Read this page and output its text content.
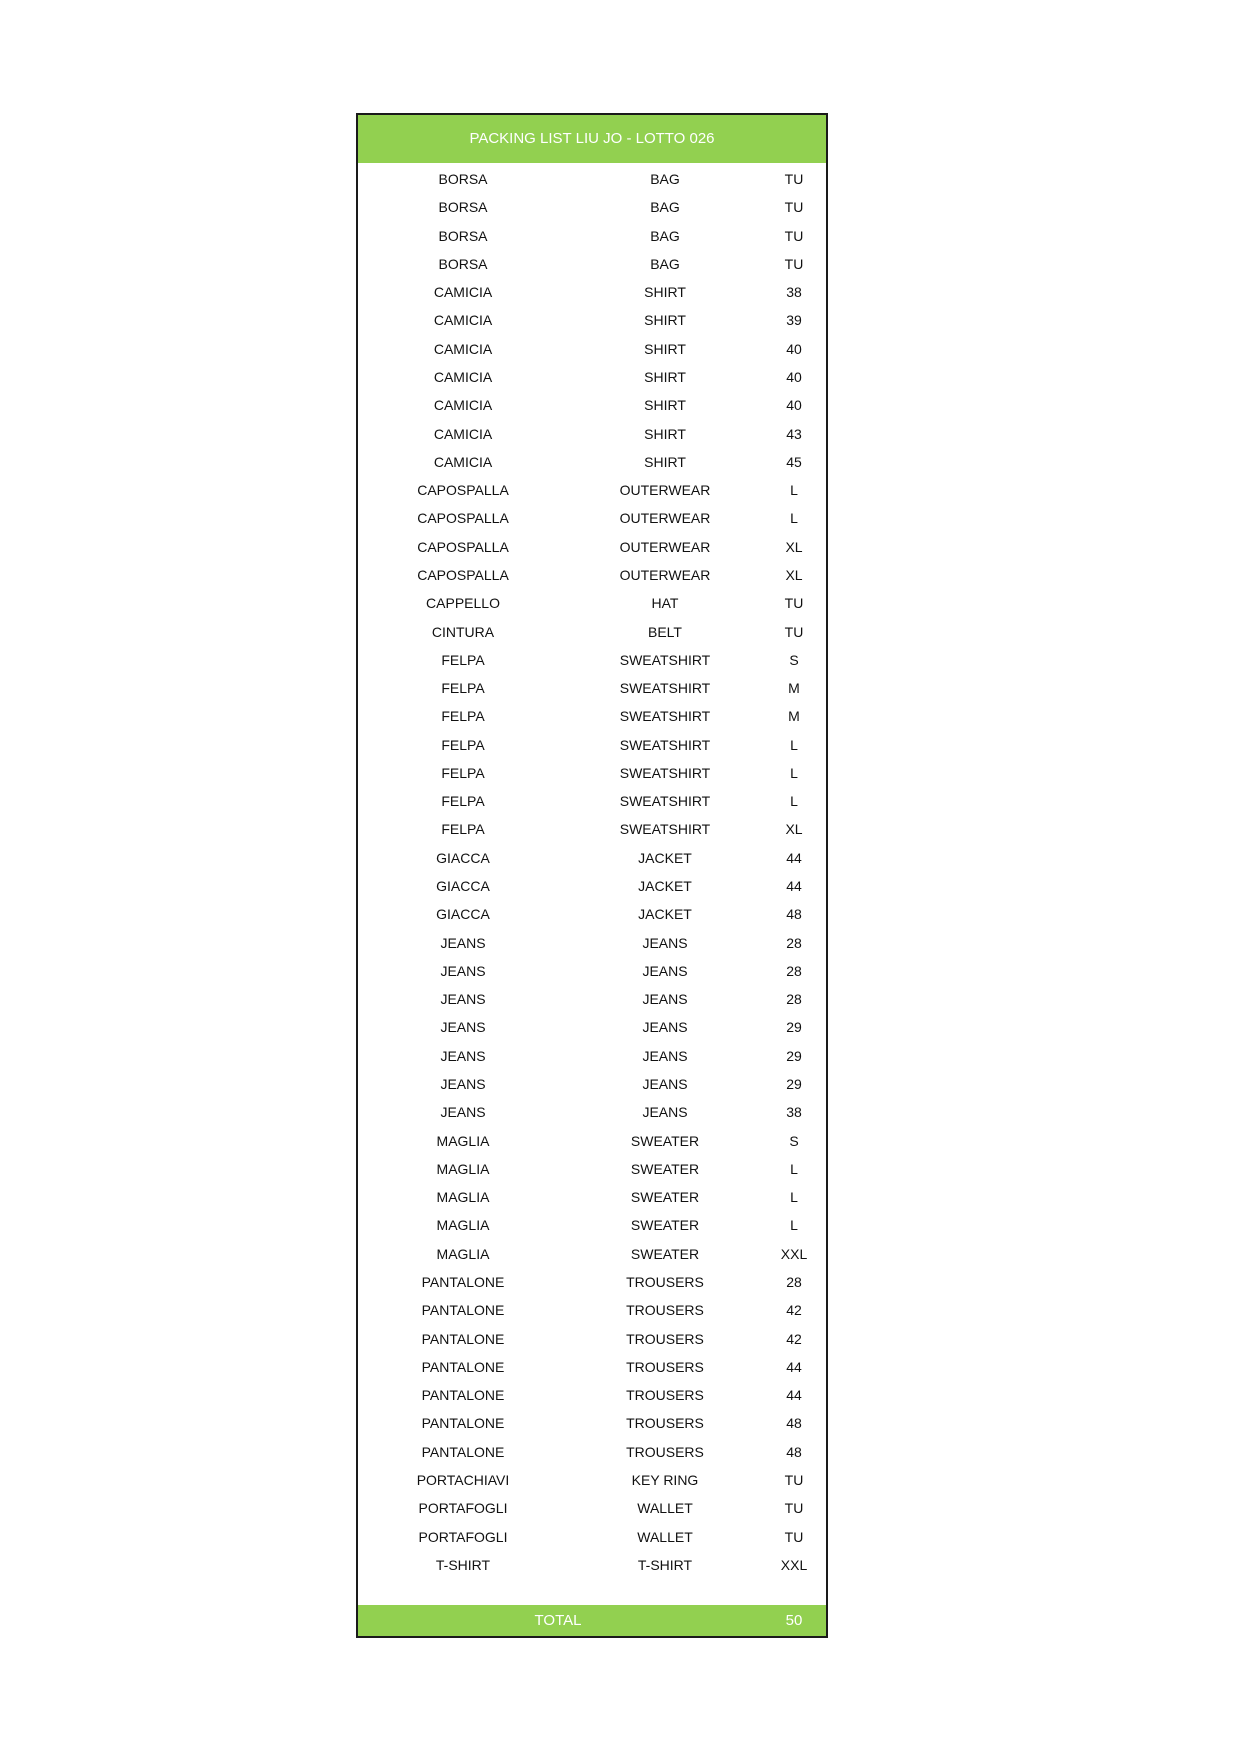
PACKING LIST LIU JO - LOTTO 026
BORSA	BAG	TU
BORSA	BAG	TU
BORSA	BAG	TU
BORSA	BAG	TU
CAMICIA	SHIRT	38
CAMICIA	SHIRT	39
CAMICIA	SHIRT	40
CAMICIA	SHIRT	40
CAMICIA	SHIRT	40
CAMICIA	SHIRT	43
CAMICIA	SHIRT	45
CAPOSPALLA	OUTERWEAR	L
CAPOSPALLA	OUTERWEAR	L
CAPOSPALLA	OUTERWEAR	XL
CAPOSPALLA	OUTERWEAR	XL
CAPPELLO	HAT	TU
CINTURA	BELT	TU
FELPA	SWEATSHIRT	S
FELPA	SWEATSHIRT	M
FELPA	SWEATSHIRT	M
FELPA	SWEATSHIRT	L
FELPA	SWEATSHIRT	L
FELPA	SWEATSHIRT	L
FELPA	SWEATSHIRT	XL
GIACCA	JACKET	44
GIACCA	JACKET	44
GIACCA	JACKET	48
JEANS	JEANS	28
JEANS	JEANS	28
JEANS	JEANS	28
JEANS	JEANS	29
JEANS	JEANS	29
JEANS	JEANS	29
JEANS	JEANS	38
MAGLIA	SWEATER	S
MAGLIA	SWEATER	L
MAGLIA	SWEATER	L
MAGLIA	SWEATER	L
MAGLIA	SWEATER	XXL
PANTALONE	TROUSERS	28
PANTALONE	TROUSERS	42
PANTALONE	TROUSERS	42
PANTALONE	TROUSERS	44
PANTALONE	TROUSERS	44
PANTALONE	TROUSERS	48
PANTALONE	TROUSERS	48
PORTACHIAVI	KEY RING	TU
PORTAFOGLI	WALLET	TU
PORTAFOGLI	WALLET	TU
T-SHIRT	T-SHIRT	XXL
TOTAL	50
